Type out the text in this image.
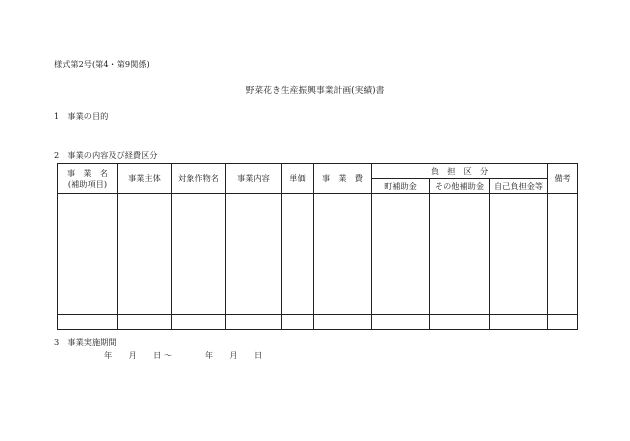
様式第2号(第4・第9関係)
野菜花き生産振興事業計画(実績)書
1　事業の目的
2　事業の内容及び経費区分
事　業　名
(補助項目)	事業主体	対象作物名	事業内容	単価	事　業　費	負　担　区　分			備考
						町補助金	その他補助金	自己負担金等	

3　事業実施期間
年　　月　　日 〜　　　　年　　月　　日
